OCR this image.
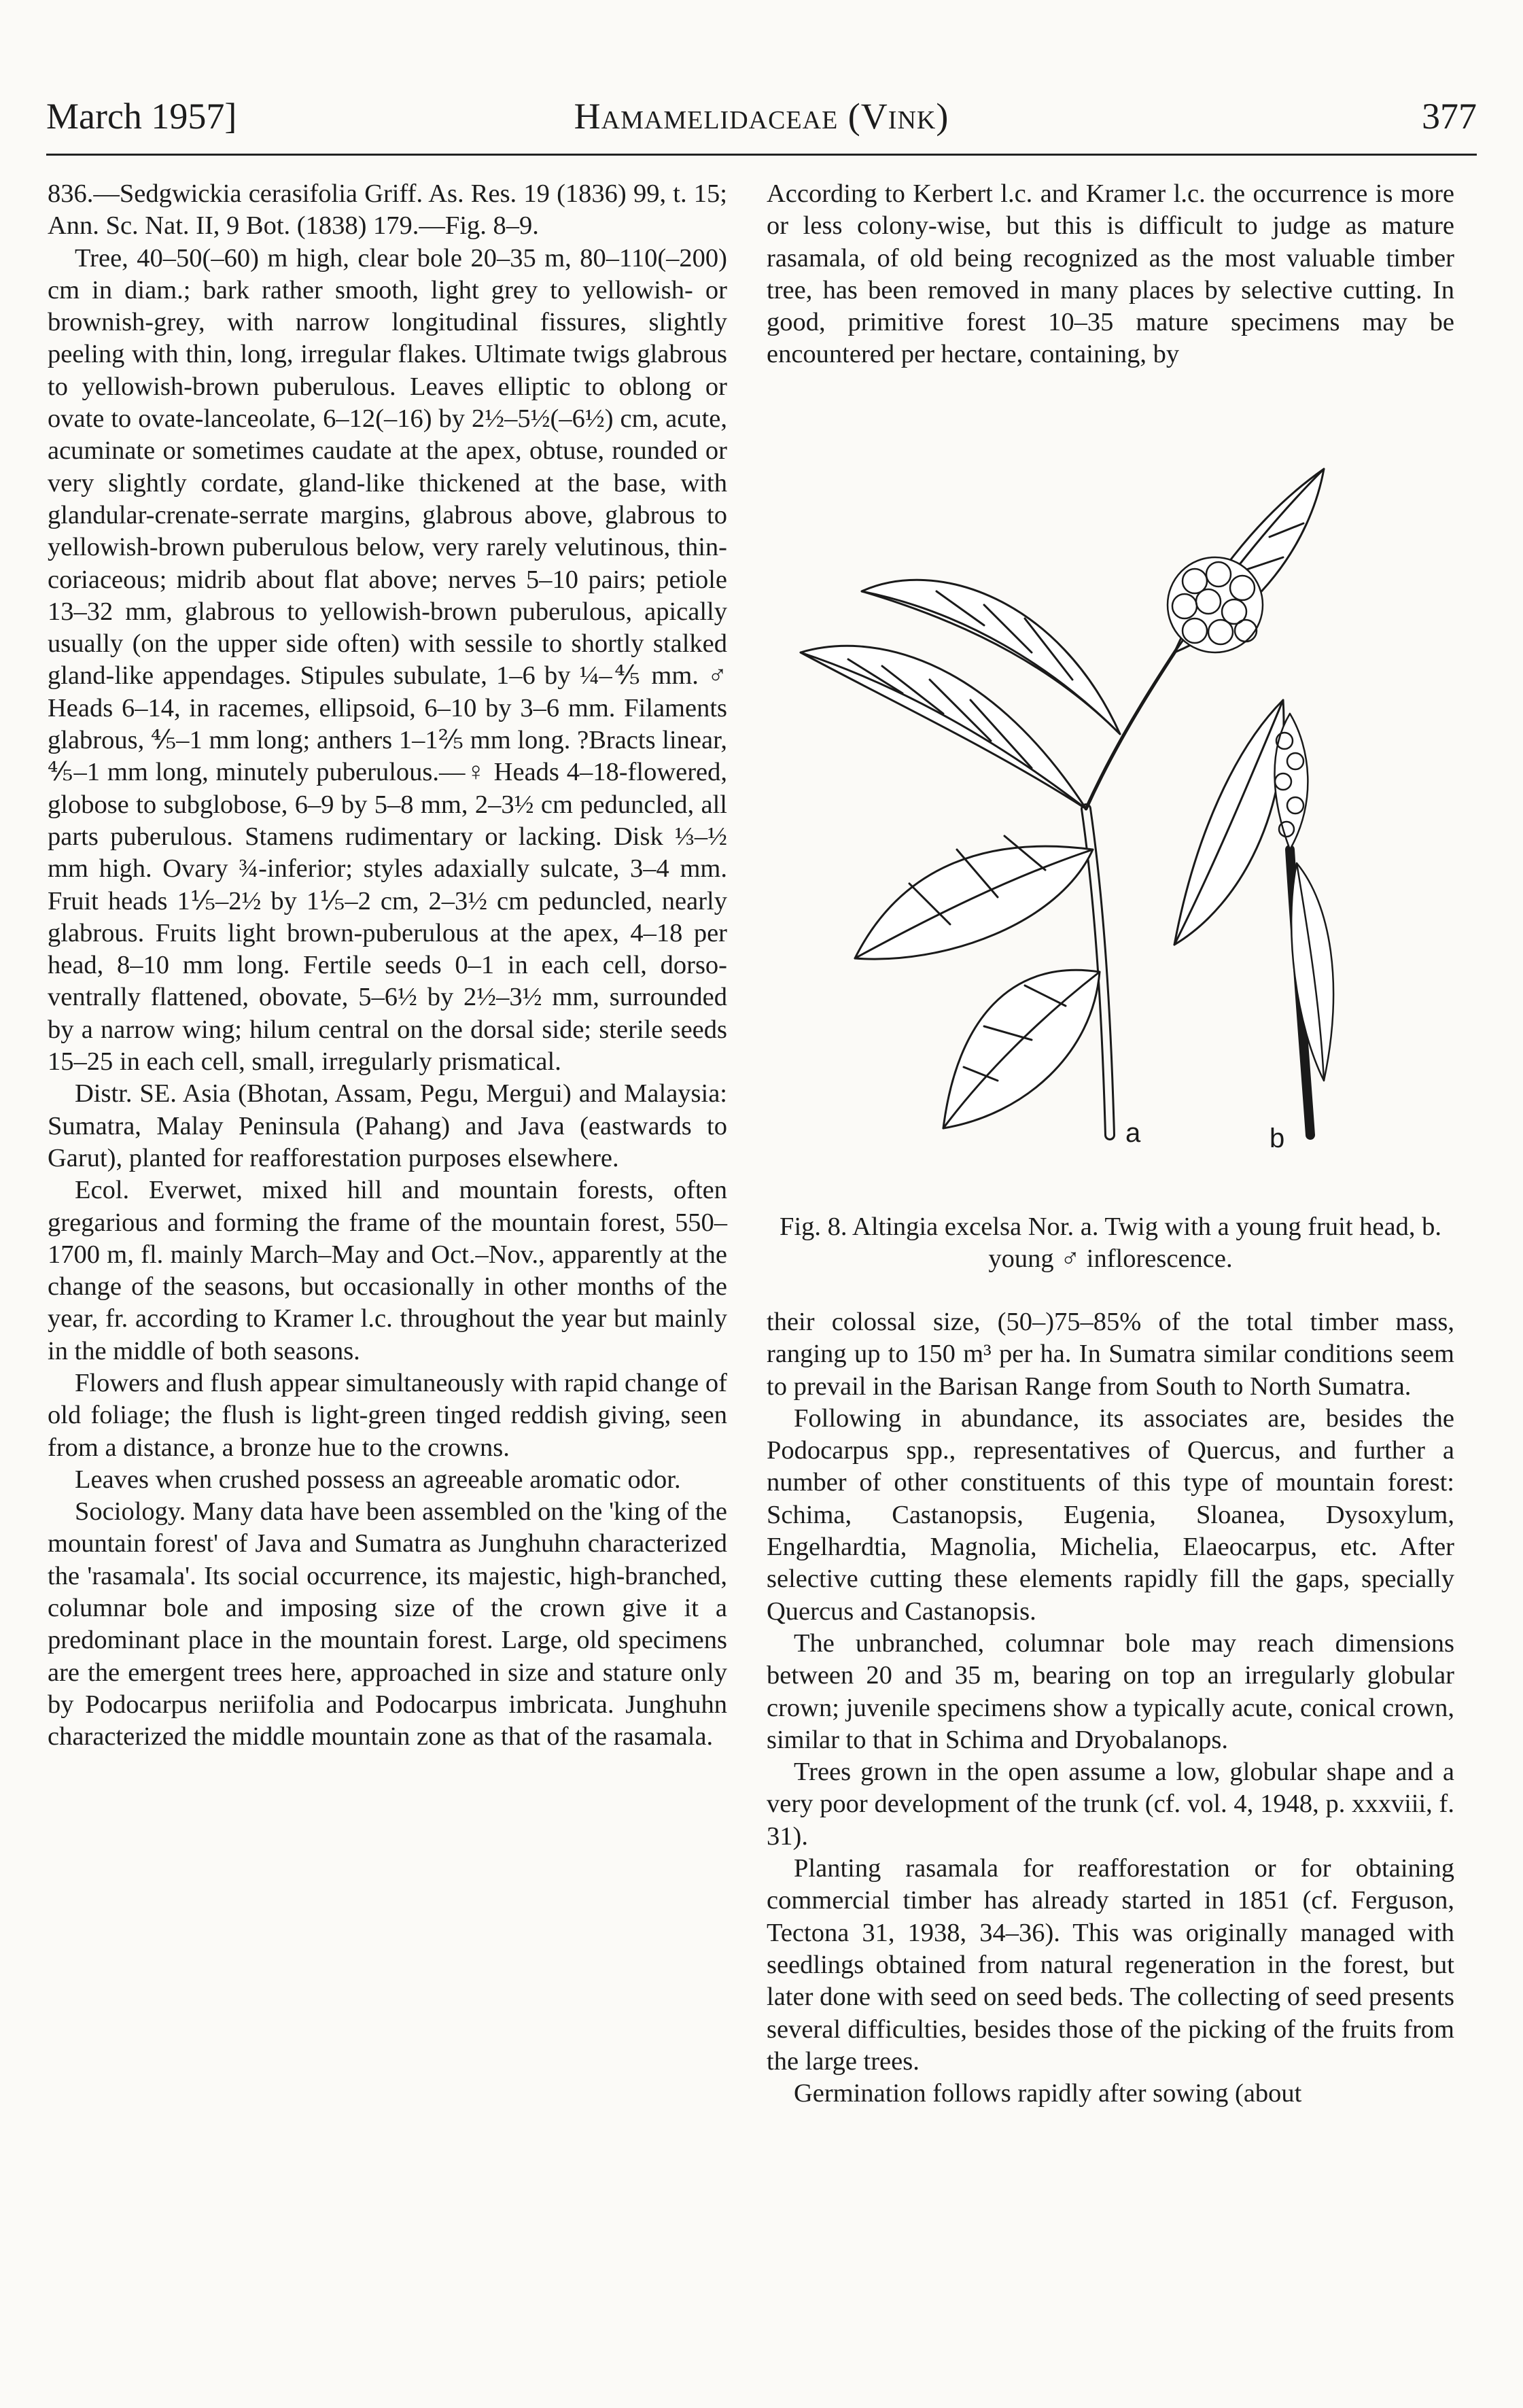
March 1957]	Hamamelidaceae (Vink)	377

836.—Sedgwickia cerasifolia Griff. As. Res. 19 (1836) 99, t. 15; Ann. Sc. Nat. II, 9 Bot. (1838) 179.—Fig. 8–9.

Tree, 40–50(–60) m high, clear bole 20–35 m, 80–110(–200) cm in diam.; bark rather smooth, light grey to yellowish- or brownish-grey, with narrow longitudinal fissures, slightly peeling with thin, long, irregular flakes. Ultimate twigs glabrous to yellowish-brown puberulous. Leaves elliptic to oblong or ovate to ovate-lanceolate, 6–12(–16) by 2½–5½(–6½) cm, acute, acuminate or sometimes caudate at the apex, obtuse, rounded or very slightly cordate, gland-like thickened at the base, with glandular-crenate-serrate margins, glabrous above, glabrous to yellowish-brown puberulous below, very rarely velutinous, thin-coriaceous; midrib about flat above; nerves 5–10 pairs; petiole 13–32 mm, glabrous to yellowish-brown puberulous, apically usually (on the upper side often) with sessile to shortly stalked gland-like appendages. Stipules subulate, 1–6 by ¼–⅘ mm. ♂ Heads 6–14, in racemes, ellipsoid, 6–10 by 3–6 mm. Filaments glabrous, ⅘–1 mm long; anthers 1–1⅖ mm long. ?Bracts linear, ⅘–1 mm long, minutely puberulous.—♀ Heads 4–18-flowered, globose to subglobose, 6–9 by 5–8 mm, 2–3½ cm peduncled, all parts puberulous. Stamens rudimentary or lacking. Disk ⅓–½ mm high. Ovary ¾-inferior; styles adaxially sulcate, 3–4 mm. Fruit heads 1⅕–2½ by 1⅕–2 cm, 2–3½ cm peduncled, nearly glabrous. Fruits light brown-puberulous at the apex, 4–18 per head, 8–10 mm long. Fertile seeds 0–1 in each cell, dorso-ventrally flattened, obovate, 5–6½ by 2½–3½ mm, surrounded by a narrow wing; hilum central on the dorsal side; sterile seeds 15–25 in each cell, small, irregularly prismatical.

Distr. SE. Asia (Bhotan, Assam, Pegu, Mergui) and Malaysia: Sumatra, Malay Peninsula (Pahang) and Java (eastwards to Garut), planted for reafforestation purposes elsewhere.

Ecol. Everwet, mixed hill and mountain forests, often gregarious and forming the frame of the mountain forest, 550–1700 m, fl. mainly March–May and Oct.–Nov., apparently at the change of the seasons, but occasionally in other months of the year, fr. according to Kramer l.c. throughout the year but mainly in the middle of both seasons.

Flowers and flush appear simultaneously with rapid change of old foliage; the flush is light-green tinged reddish giving, seen from a distance, a bronze hue to the crowns.

Leaves when crushed possess an agreeable aromatic odor.

Sociology. Many data have been assembled on the 'king of the mountain forest' of Java and Sumatra as Junghuhn characterized the 'rasamala'. Its social occurrence, its majestic, high-branched, columnar bole and imposing size of the crown give it a predominant place in the mountain forest. Large, old specimens are the emergent trees here, approached in size and stature only by Podocarpus neriifolia and Podocarpus imbricata. Junghuhn characterized the middle mountain zone as that of the rasamala.

According to Kerbert l.c. and Kramer l.c. the occurrence is more or less colony-wise, but this is difficult to judge as mature rasamala, of old being recognized as the most valuable timber tree, has been removed in many places by selective cutting. In good, primitive forest 10–35 mature specimens may be encountered per hectare, containing, by

a	b
Fig. 8. Altingia excelsa Nor. a. Twig with a young fruit head, b. young ♂ inflorescence.

their colossal size, (50–)75–85% of the total timber mass, ranging up to 150 m³ per ha. In Sumatra similar conditions seem to prevail in the Barisan Range from South to North Sumatra.

Following in abundance, its associates are, besides the Podocarpus spp., representatives of Quercus, and further a number of other constituents of this type of mountain forest: Schima, Castanopsis, Eugenia, Sloanea, Dysoxylum, Engelhardtia, Magnolia, Michelia, Elaeocarpus, etc. After selective cutting these elements rapidly fill the gaps, specially Quercus and Castanopsis.

The unbranched, columnar bole may reach dimensions between 20 and 35 m, bearing on top an irregularly globular crown; juvenile specimens show a typically acute, conical crown, similar to that in Schima and Dryobalanops.

Trees grown in the open assume a low, globular shape and a very poor development of the trunk (cf. vol. 4, 1948, p. xxxviii, f. 31).

Planting rasamala for reafforestation or for obtaining commercial timber has already started in 1851 (cf. Ferguson, Tectona 31, 1938, 34–36). This was originally managed with seedlings obtained from natural regeneration in the forest, but later done with seed on seed beds. The collecting of seed presents several difficulties, besides those of the picking of the fruits from the large trees.

Germination follows rapidly after sowing (about
